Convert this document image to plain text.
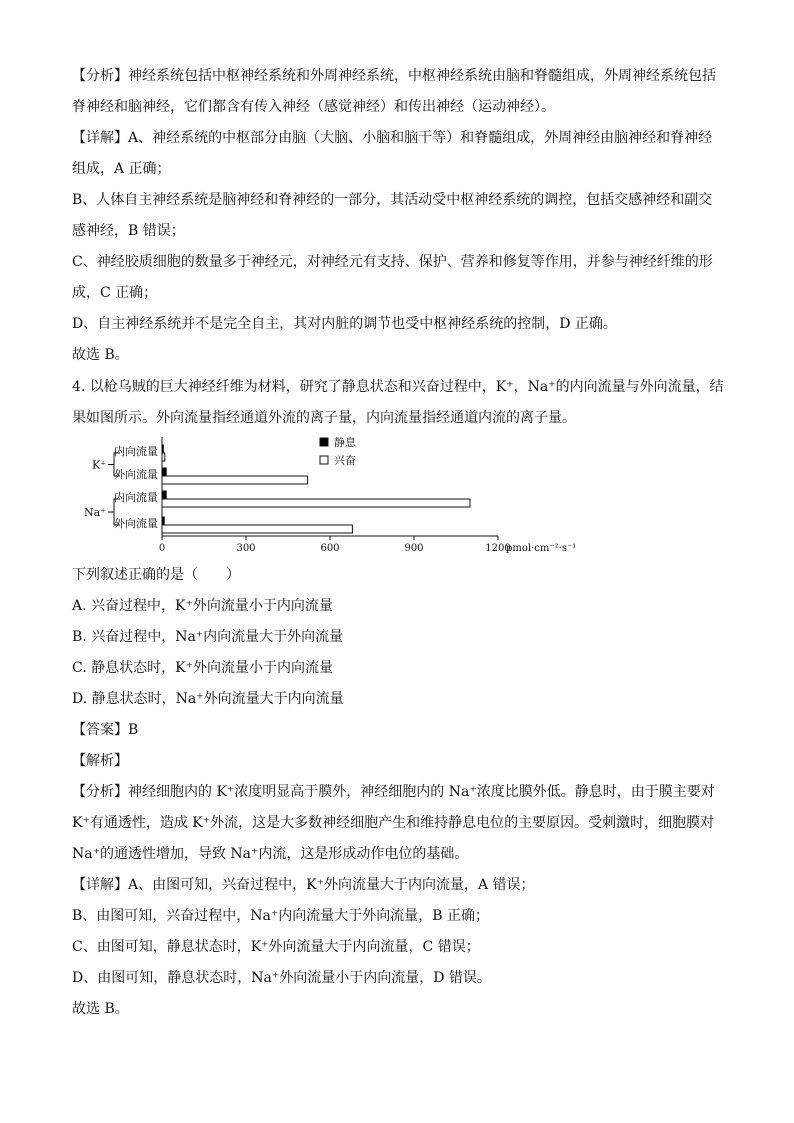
【分析】神经系统包括中枢神经系统和外周神经系统，中枢神经系统由脑和脊髓组成，外周神经系统包括
脊神经和脑神经，它们都含有传入神经（感觉神经）和传出神经（运动神经）。
【详解】A、神经系统的中枢部分由脑（大脑、小脑和脑干等）和脊髓组成，外周神经由脑神经和脊神经
组成，A 正确；
B、人体自主神经系统是脑神经和脊神经的一部分，其活动受中枢神经系统的调控，包括交感神经和副交
感神经，B 错误；
C、神经胶质细胞的数量多于神经元，对神经元有支持、保护、营养和修复等作用，并参与神经纤维的形
成，C 正确；
D、自主神经系统并不是完全自主，其对内脏的调节也受中枢神经系统的控制，D 正确。
故选 B。
4. 以枪乌贼的巨大神经纤维为材料，研究了静息状态和兴奋过程中，K⁺，Na⁺的内向流量与外向流量，结
果如图所示。外向流量指经通道外流的离子量，内向流量指经通道内流的离子量。
0	300	600	900	1200
pmol·cm⁻²·s⁻¹
内向流量
外向流量
K⁺
内向流量
外向流量
Na⁺
静息
兴奋
下列叙述正确的是（　　）
A. 兴奋过程中，K⁺外向流量小于内向流量
B. 兴奋过程中，Na⁺内向流量大于外向流量
C. 静息状态时，K⁺外向流量小于内向流量
D. 静息状态时，Na⁺外向流量大于内向流量
【答案】B
【解析】
【分析】神经细胞内的 K⁺浓度明显高于膜外，神经细胞内的 Na⁺浓度比膜外低。静息时，由于膜主要对
K⁺有通透性，造成 K⁺外流，这是大多数神经细胞产生和维持静息电位的主要原因。受刺激时，细胞膜对
Na⁺的通透性增加，导致 Na⁺内流，这是形成动作电位的基础。
【详解】A、由图可知，兴奋过程中，K⁺外向流量大于内向流量，A 错误；
B、由图可知，兴奋过程中，Na⁺内向流量大于外向流量，B 正确；
C、由图可知，静息状态时，K⁺外向流量大于内向流量，C 错误；
D、由图可知，静息状态时，Na⁺外向流量小于内向流量，D 错误。
故选 B。
